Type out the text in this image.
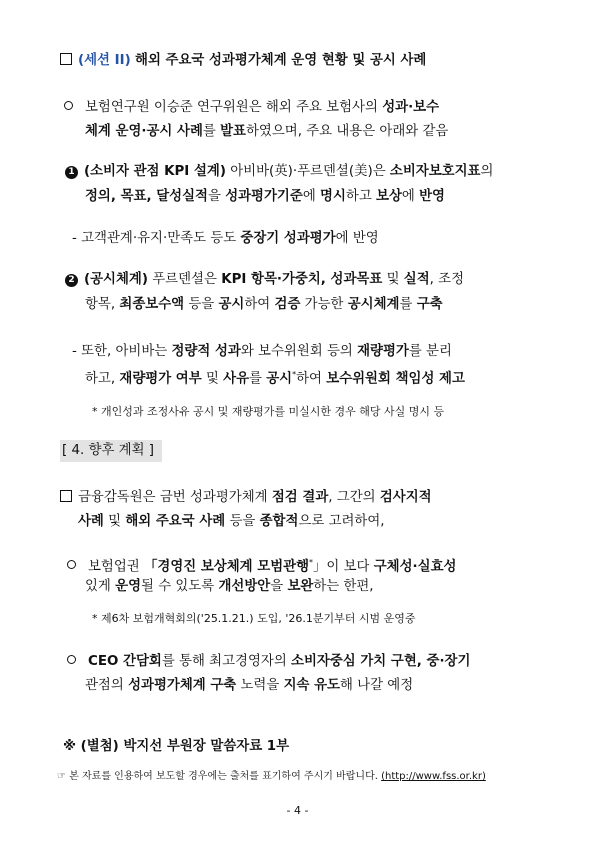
(세션 II) 해외 주요국 성과평가체계 운영 현황 및 공시 사례
보험연구원 이승준 연구위원은 해외 주요 보험사의 성과·보수
체계 운영·공시 사례를 발표하였으며, 주요 내용은 아래와 같음
1 (소비자 관점 KPI 설계) 아비바(英)·푸르덴셜(美)은 소비자보호지표의
정의, 목표, 달성실적을 성과평가기준에 명시하고 보상에 반영
- 고객관계·유지·만족도 등도 중장기 성과평가에 반영
2 (공시체계) 푸르덴셜은 KPI 항목·가중치, 성과목표 및 실적, 조정
항목, 최종보수액 등을 공시하여 검증 가능한 공시체계를 구축
- 또한, 아비바는 정량적 성과와 보수위원회 등의 재량평가를 분리
하고, 재량평가 여부 및 사유를 공시*하여 보수위원회 책임성 제고
* 개인성과 조정사유 공시 및 재량평가를 미실시한 경우 해당 사실 명시 등
[ 4. 향후 계획 ]
금융감독원은 금번 성과평가체계 점검 결과, 그간의 검사지적
사례 및 해외 주요국 사례 등을 종합적으로 고려하여,
보험업권 「경영진 보상체계 모범관행*」이 보다 구체성·실효성
있게 운영될 수 있도록 개선방안을 보완하는 한편,
* 제6차 보험개혁회의('25.1.21.) 도입, '26.1분기부터 시범 운영중
CEO 간담회를 통해 최고경영자의 소비자중심 가치 구현, 중·장기
관점의 성과평가체계 구축 노력을 지속 유도해 나갈 예정
※ (별첨) 박지선 부원장 말씀자료 1부
☞ 본 자료를 인용하여 보도할 경우에는 출처를 표기하여 주시기 바랍니다. (http://www.fss.or.kr)
- 4 -
